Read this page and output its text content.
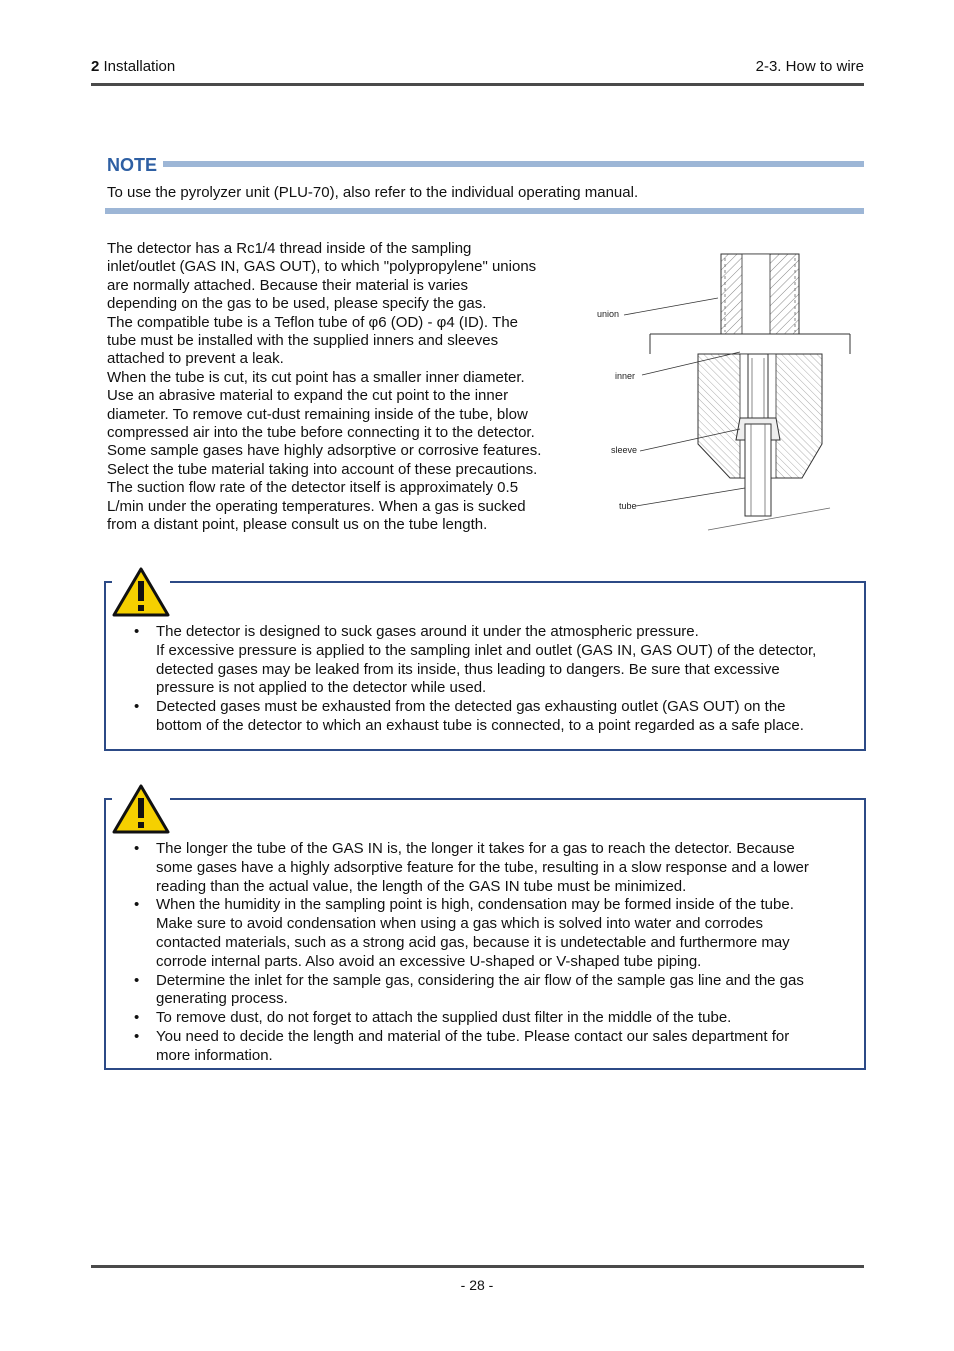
2 Installation	2-3. How to wire
NOTE
To use the pyrolyzer unit (PLU-70), also refer to the individual operating manual.

The detector has a Rc1/4 thread inside of the sampling

inlet/outlet (GAS IN, GAS OUT), to which "polypropylene" unions

are normally attached. Because their material is varies

depending on the gas to be used, please specify the gas.

The compatible tube is a Teflon tube of φ6 (OD) - φ4 (ID). The

tube must be installed with the supplied inners and sleeves

attached to prevent a leak.

When the tube is cut, its cut point has a smaller inner diameter.

Use an abrasive material to expand the cut point to the inner

diameter. To remove cut-dust remaining inside of the tube, blow

compressed air into the tube before connecting it to the detector.

Some sample gases have highly adsorptive or corrosive features.

Select the tube material taking into account of these precautions.

The suction flow rate of the detector itself is approximately 0.5

L/min under the operating temperatures. When a gas is sucked

from a distant point, please consult us on the tube length.

union
inner
sleeve
tube
• The detector is designed to suck gases around it under the atmospheric pressure.
If excessive pressure is applied to the sampling inlet and outlet (GAS IN, GAS OUT) of the detector,
detected gases may be leaked from its inside, thus leading to dangers. Be sure that excessive
pressure is not applied to the detector while used.
• Detected gases must be exhausted from the detected gas exhausting outlet (GAS OUT) on the
bottom of the detector to which an exhaust tube is connected, to a point regarded as a safe place.
• The longer the tube of the GAS IN is, the longer it takes for a gas to reach the detector. Because
some gases have a highly adsorptive feature for the tube, resulting in a slow response and a lower
reading than the actual value, the length of the GAS IN tube must be minimized.
• When the humidity in the sampling point is high, condensation may be formed inside of the tube.
Make sure to avoid condensation when using a gas which is solved into water and corrodes
contacted materials, such as a strong acid gas, because it is undetectable and furthermore may
corrode internal parts. Also avoid an excessive U-shaped or V-shaped tube piping.
• Determine the inlet for the sample gas, considering the air flow of the sample gas line and the gas
generating process.
• To remove dust, do not forget to attach the supplied dust filter in the middle of the tube.
• You need to decide the length and material of the tube. Please contact our sales department for
more information.
- 28 -
